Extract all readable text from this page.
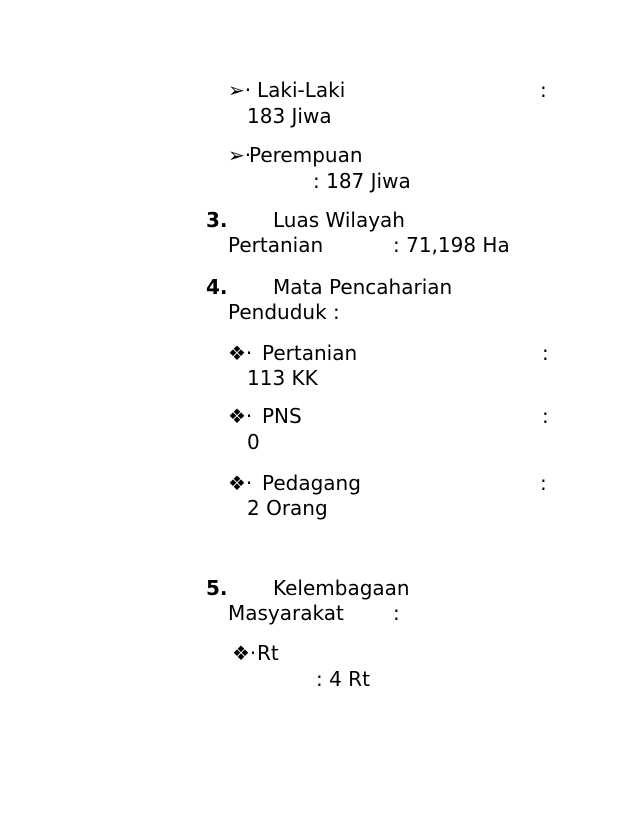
➢· Laki-Laki	:
183 Jiwa
➢·
Perempuan
: 187 Jiwa
3. Luas Wilayah
Pertanian	: 71,198 Ha
4. Mata Pencaharian
Penduduk :
❖· Pertanian	:
113 KK
❖· PNS	:
0
❖· Pedagang	:
2 Orang
5. Kelembagaan
Masyarakat :
❖· Rt
: 4 Rt
